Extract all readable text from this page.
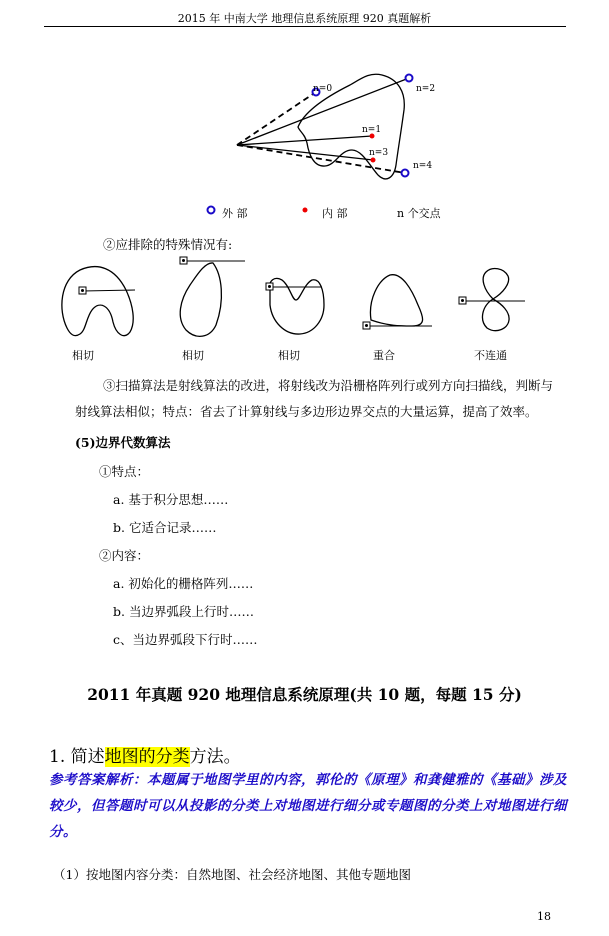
2015 年 中南大学 地理信息系统原理 920 真题解析
n=0	n=2
n=1
n=3
n=4
外 部	内 部	n 个交点
②应排除的特殊情况有:
相切	相切	相切	重合	不连通
③扫描算法是射线算法的改进，将射线改为沿栅格阵列行或列方向扫描线，判断与
射线算法相似；特点：省去了计算射线与多边形边界交点的大量运算，提高了效率。
(5)边界代数算法
①特点：
a. 基于积分思想……
b. 它适合记录……
②内容：
a. 初始化的栅格阵列……
b. 当边界弧段上行时……
c、当边界弧段下行时……
2011 年真题 920 地理信息系统原理(共 10 题，每题 15 分)
1. 简述地图的分类方法。
参考答案解析：本题属于地图学里的内容，郭伦的《原理》和龚健雅的《基础》涉及较少，但答题时可以从投影的分类上对地图进行细分或专题图的分类上对地图进行细分。
（1）按地图内容分类：自然地图、社会经济地图、其他专题地图
18
